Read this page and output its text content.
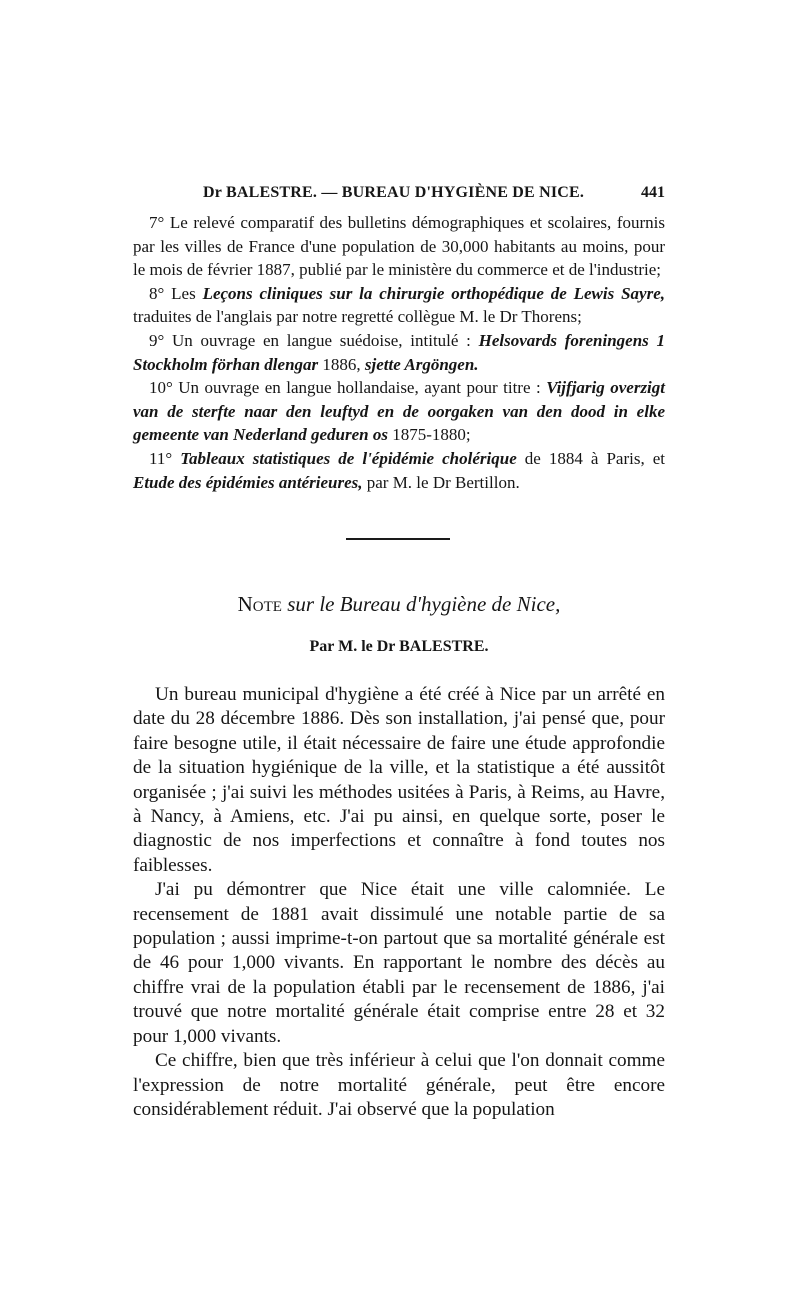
Dr BALESTRE. — BUREAU D'HYGIÈNE DE NICE.	441

7° Le relevé comparatif des bulletins démographiques et scolaires, fournis par les villes de France d'une population de 30,000 habitants au moins, pour le mois de février 1887, publié par le ministère du commerce et de l'industrie;

8° Les Leçons cliniques sur la chirurgie orthopédique de Lewis Sayre, traduites de l'anglais par notre regretté collègue M. le Dr Thorens;

9° Un ouvrage en langue suédoise, intitulé : Helsovards foreningens 1 Stockholm förhan dlengar 1886, sjette Argöngen.

10° Un ouvrage en langue hollandaise, ayant pour titre : Vijfjarig overzigt van de sterfte naar den leuftyd en de oorgaken van den dood in elke gemeente van Nederland geduren os 1875-1880;

11° Tableaux statistiques de l'épidémie cholérique de 1884 à Paris, et Etude des épidémies antérieures, par M. le Dr Bertillon.

Note sur le Bureau d'hygiène de Nice,
Par M. le Dr BALESTRE.

Un bureau municipal d'hygiène a été créé à Nice par un arrêté en date du 28 décembre 1886. Dès son installation, j'ai pensé que, pour faire besogne utile, il était nécessaire de faire une étude approfondie de la situation hygiénique de la ville, et la statistique a été aussitôt organisée ; j'ai suivi les méthodes usitées à Paris, à Reims, au Havre, à Nancy, à Amiens, etc. J'ai pu ainsi, en quelque sorte, poser le diagnostic de nos imperfections et connaître à fond toutes nos faiblesses.

J'ai pu démontrer que Nice était une ville calomniée. Le recensement de 1881 avait dissimulé une notable partie de sa population ; aussi imprime-t-on partout que sa mortalité générale est de 46 pour 1,000 vivants. En rapportant le nombre des décès au chiffre vrai de la population établi par le recensement de 1886, j'ai trouvé que notre mortalité générale était comprise entre 28 et 32 pour 1,000 vivants.

Ce chiffre, bien que très inférieur à celui que l'on donnait comme l'expression de notre mortalité générale, peut être encore considérablement réduit. J'ai observé que la population
